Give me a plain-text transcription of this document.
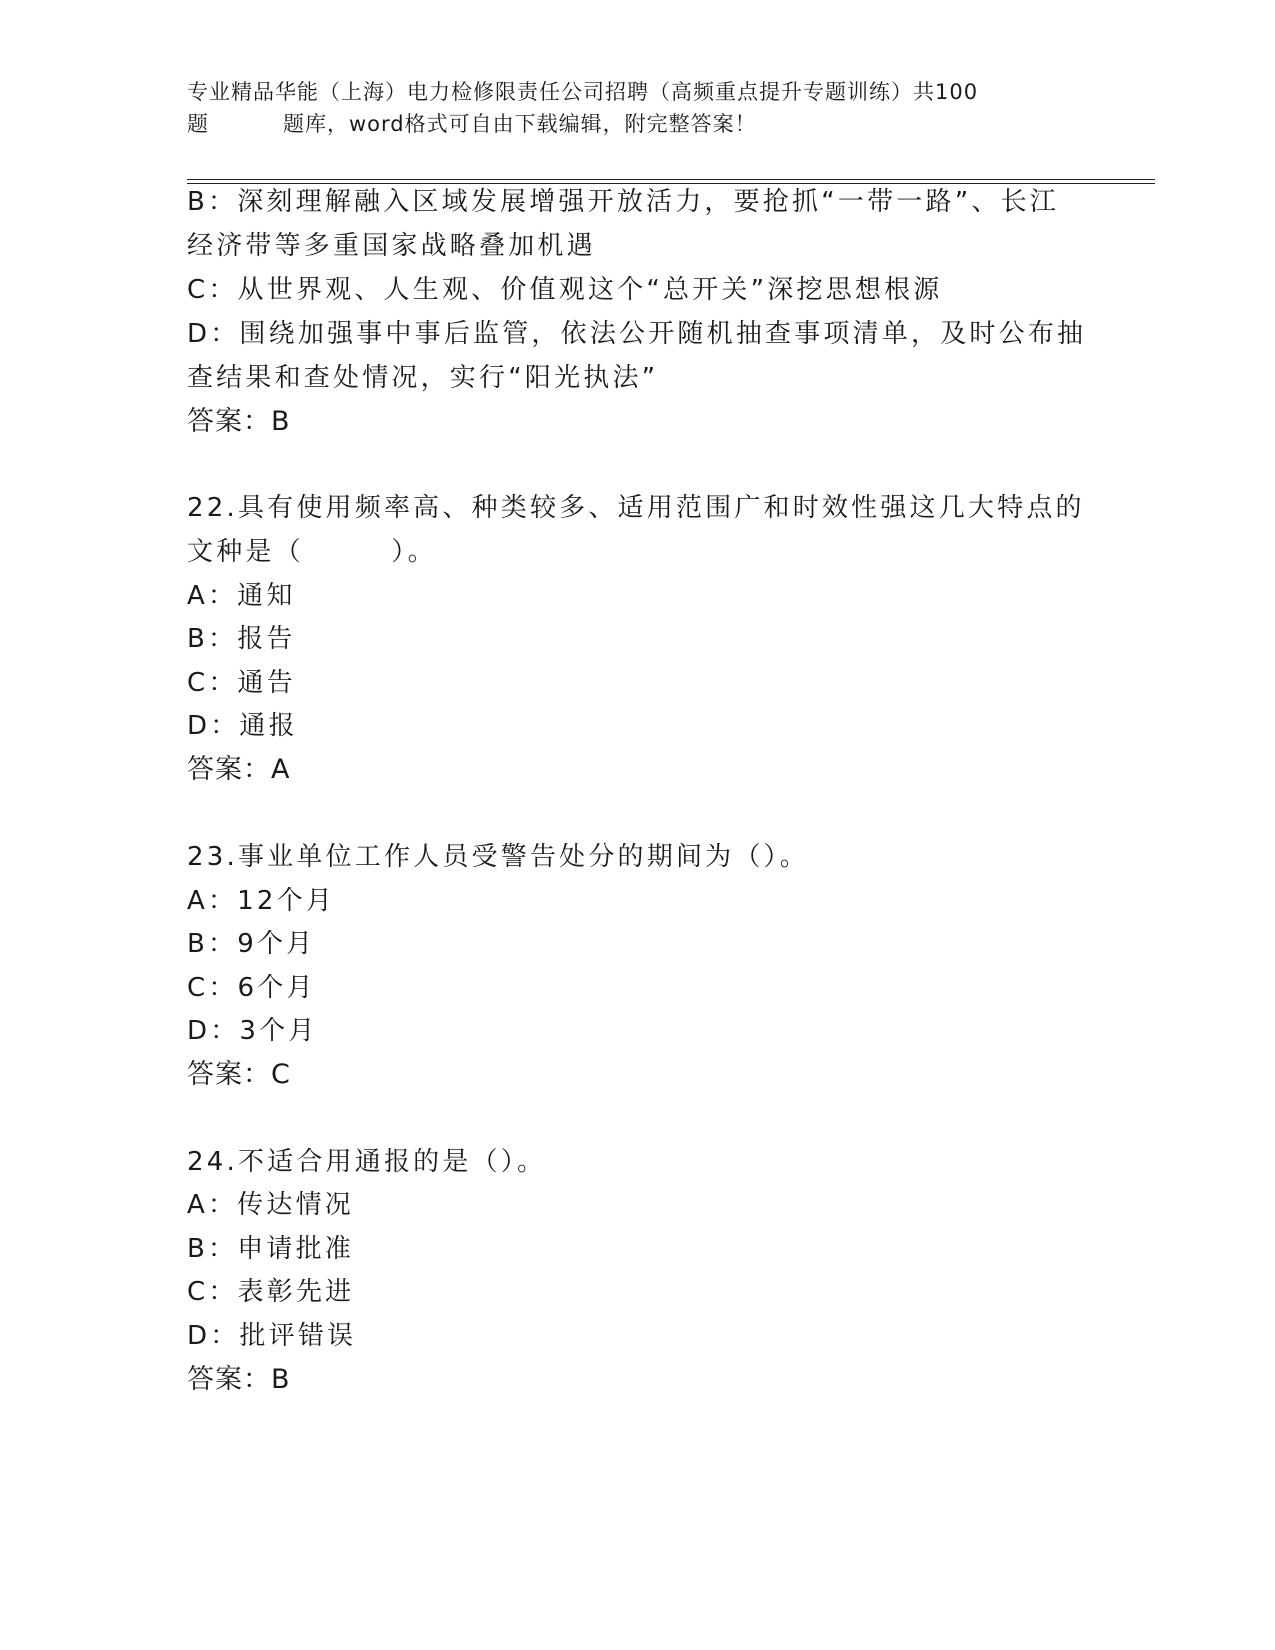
专业精品华能（上海）电力检修限责任公司招聘（高频重点提升专题训练）共100
题	题库，word格式可自由下载编辑，附完整答案！
B：深刻理解融入区域发展增强开放活力，要抢抓“一带一路”、长江
经济带等多重国家战略叠加机遇
C：从世界观、人生观、价值观这个“总开关”深挖思想根源
D：围绕加强事中事后监管，依法公开随机抽查事项清单，及时公布抽
查结果和查处情况，实行“阳光执法”
答案：B
22.具有使用频率高、种类较多、适用范围广和时效性强这几大特点的
文种是（　　　）。
A：通知
B：报告
C：通告
D：通报
答案：A
23.事业单位工作人员受警告处分的期间为（）。
A：12个月
B：9个月
C：6个月
D：3个月
答案：C
24.不适合用通报的是（）。
A：传达情况
B：申请批准
C：表彰先进
D：批评错误
答案：B
